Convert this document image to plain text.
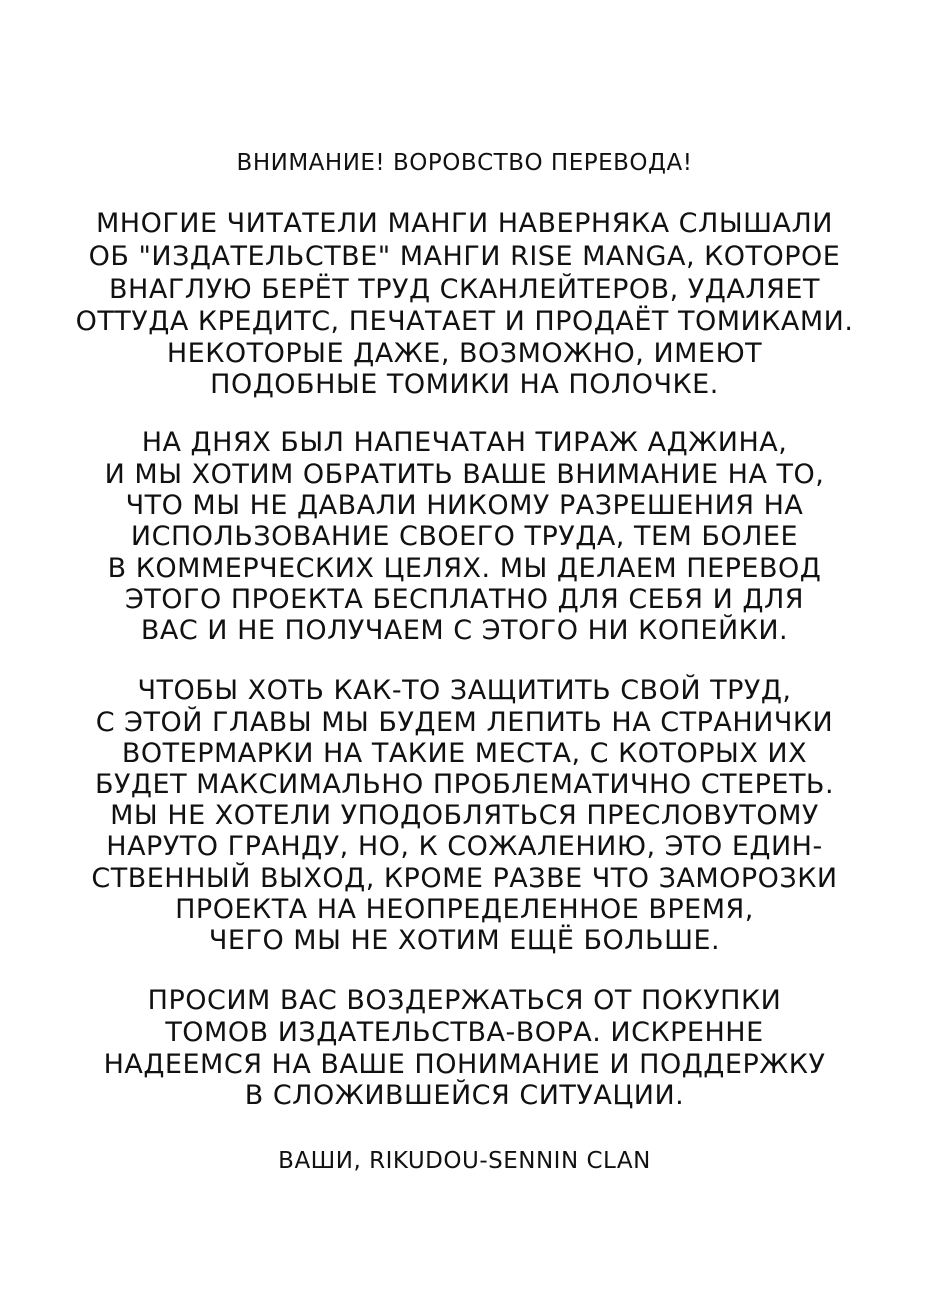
ВНИМАНИЕ! ВОРОВСТВО ПЕРЕВОДА!
МНОГИЕ ЧИТАТЕЛИ МАНГИ НАВЕРНЯКА СЛЫШАЛИ
ОБ "ИЗДАТЕЛЬСТВЕ" МАНГИ RISE MANGA, КОТОРОЕ
ВНАГЛУЮ БЕРЁТ ТРУД СКАНЛЕЙТЕРОВ, УДАЛЯЕТ
ОТТУДА КРЕДИТС, ПЕЧАТАЕТ И ПРОДАЁТ ТОМИКАМИ.
НЕКОТОРЫЕ ДАЖЕ, ВОЗМОЖНО, ИМЕЮТ
ПОДОБНЫЕ ТОМИКИ НА ПОЛОЧКЕ.
НА ДНЯХ БЫЛ НАПЕЧАТАН ТИРАЖ АДЖИНА,
И МЫ ХОТИМ ОБРАТИТЬ ВАШЕ ВНИМАНИЕ НА ТО,
ЧТО МЫ НЕ ДАВАЛИ НИКОМУ РАЗРЕШЕНИЯ НА
ИСПОЛЬЗОВАНИЕ СВОЕГО ТРУДА, ТЕМ БОЛЕЕ
В КОММЕРЧЕСКИХ ЦЕЛЯХ. МЫ ДЕЛАЕМ ПЕРЕВОД
ЭТОГО ПРОЕКТА БЕСПЛАТНО ДЛЯ СЕБЯ И ДЛЯ
ВАС И НЕ ПОЛУЧАЕМ С ЭТОГО НИ КОПЕЙКИ.
ЧТОБЫ ХОТЬ КАК-ТО ЗАЩИТИТЬ СВОЙ ТРУД,
С ЭТОЙ ГЛАВЫ МЫ БУДЕМ ЛЕПИТЬ НА СТРАНИЧКИ
ВОТЕРМАРКИ НА ТАКИЕ МЕСТА, С КОТОРЫХ ИХ
БУДЕТ МАКСИМАЛЬНО ПРОБЛЕМАТИЧНО СТЕРЕТЬ.
МЫ НЕ ХОТЕЛИ УПОДОБЛЯТЬСЯ ПРЕСЛОВУТОМУ
НАРУТО ГРАНДУ, НО, К СОЖАЛЕНИЮ, ЭТО ЕДИН-
СТВЕННЫЙ ВЫХОД, КРОМЕ РАЗВЕ ЧТО ЗАМОРОЗКИ
ПРОЕКТА НА НЕОПРЕДЕЛЕННОЕ ВРЕМЯ,
ЧЕГО МЫ НЕ ХОТИМ ЕЩЁ БОЛЬШЕ.
ПРОСИМ ВАС ВОЗДЕРЖАТЬСЯ ОТ ПОКУПКИ
ТОМОВ ИЗДАТЕЛЬСТВА-ВОРА. ИСКРЕННЕ
НАДЕЕМСЯ НА ВАШЕ ПОНИМАНИЕ И ПОДДЕРЖКУ
В СЛОЖИВШЕЙСЯ СИТУАЦИИ.
ВАШИ, RIKUDOU-SENNIN CLAN
